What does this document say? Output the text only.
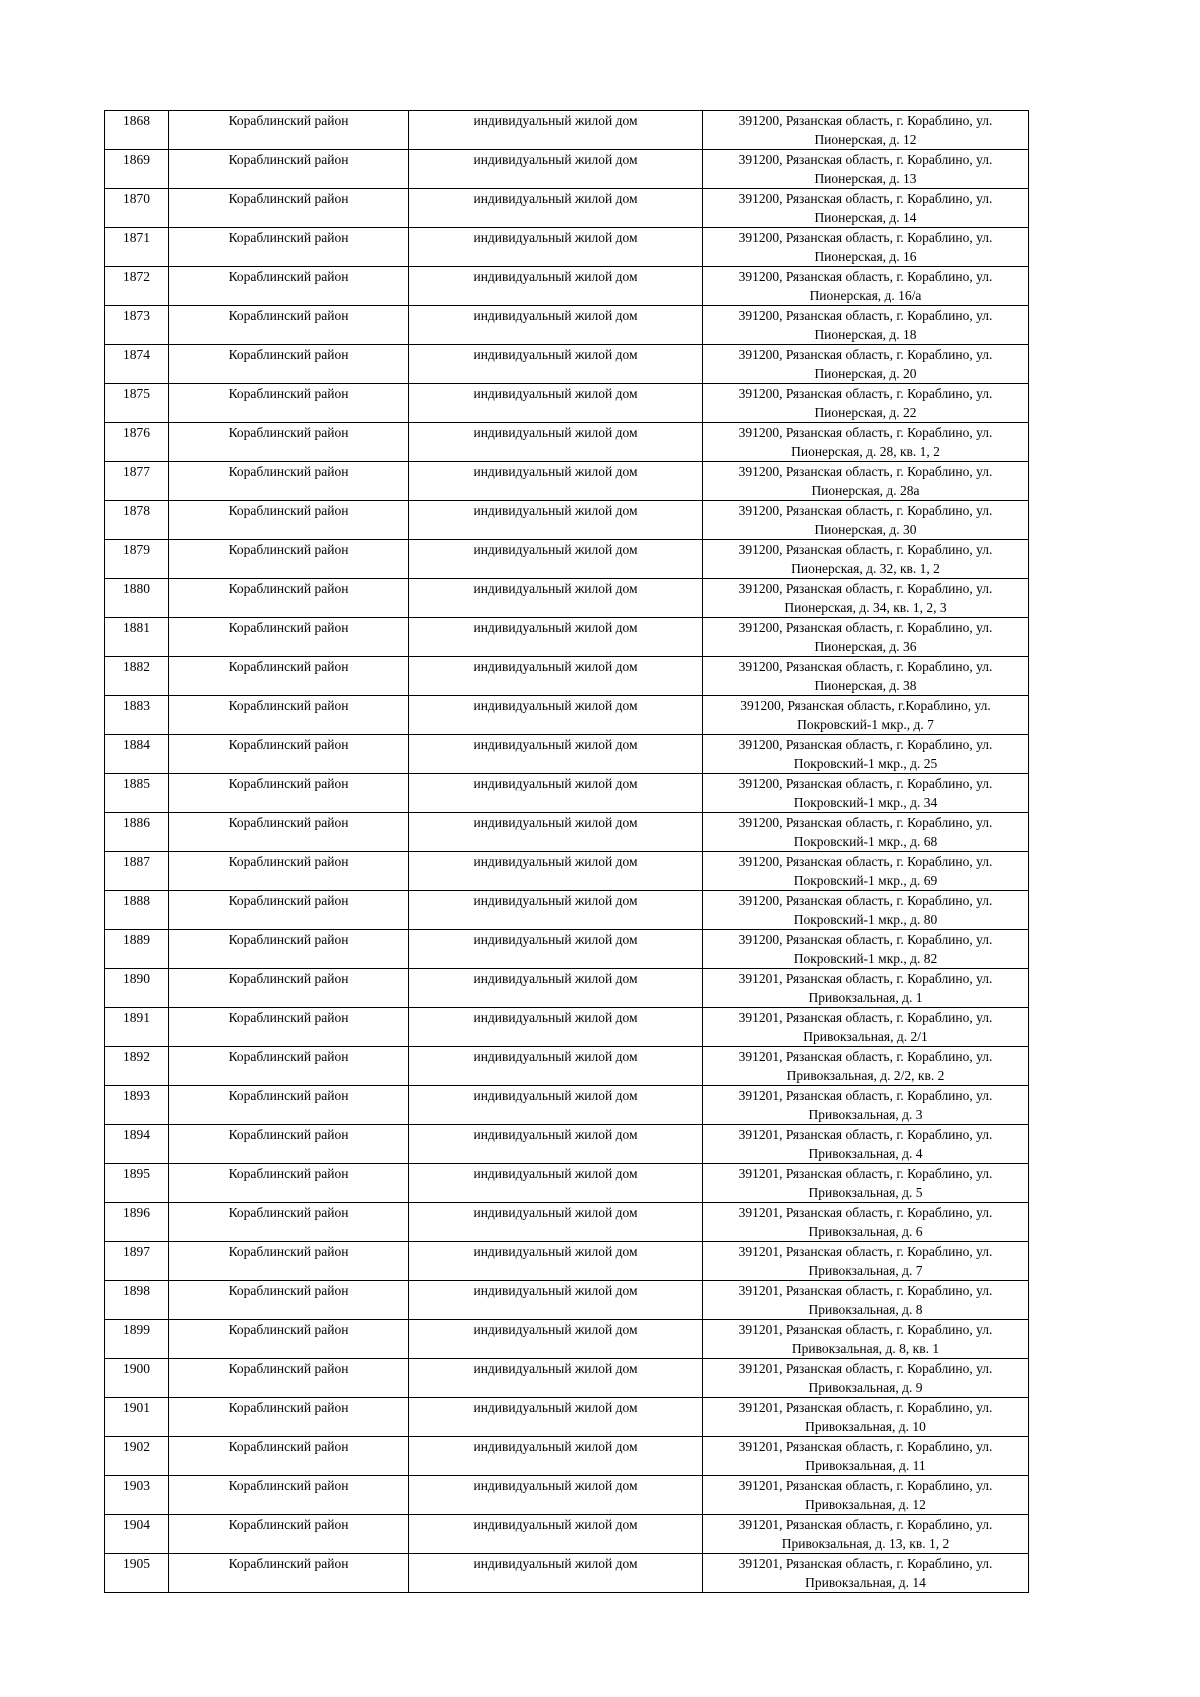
1868	Кораблинский район	индивидуальный жилой дом	391200, Рязанская область, г. Кораблино, ул. Пионерская, д. 12
1869	Кораблинский район	индивидуальный жилой дом	391200, Рязанская область, г. Кораблино, ул. Пионерская, д. 13
1870	Кораблинский район	индивидуальный жилой дом	391200, Рязанская область, г. Кораблино, ул. Пионерская, д. 14
1871	Кораблинский район	индивидуальный жилой дом	391200, Рязанская область, г. Кораблино, ул. Пионерская, д. 16
1872	Кораблинский район	индивидуальный жилой дом	391200, Рязанская область, г. Кораблино, ул. Пионерская, д. 16/а
1873	Кораблинский район	индивидуальный жилой дом	391200, Рязанская область, г. Кораблино, ул. Пионерская, д. 18
1874	Кораблинский район	индивидуальный жилой дом	391200, Рязанская область, г. Кораблино, ул. Пионерская, д. 20
1875	Кораблинский район	индивидуальный жилой дом	391200, Рязанская область, г. Кораблино, ул. Пионерская, д. 22
1876	Кораблинский район	индивидуальный жилой дом	391200, Рязанская область, г. Кораблино, ул. Пионерская, д. 28, кв. 1, 2
1877	Кораблинский район	индивидуальный жилой дом	391200, Рязанская область, г. Кораблино, ул. Пионерская, д. 28а
1878	Кораблинский район	индивидуальный жилой дом	391200, Рязанская область, г. Кораблино, ул. Пионерская, д. 30
1879	Кораблинский район	индивидуальный жилой дом	391200, Рязанская область, г. Кораблино, ул. Пионерская, д. 32, кв. 1, 2
1880	Кораблинский район	индивидуальный жилой дом	391200, Рязанская область, г. Кораблино, ул. Пионерская, д. 34, кв. 1, 2, 3
1881	Кораблинский район	индивидуальный жилой дом	391200, Рязанская область, г. Кораблино, ул. Пионерская, д. 36
1882	Кораблинский район	индивидуальный жилой дом	391200, Рязанская область, г. Кораблино, ул. Пионерская, д. 38
1883	Кораблинский район	индивидуальный жилой дом	391200, Рязанская область, г.Кораблино, ул. Покровский-1 мкр., д. 7
1884	Кораблинский район	индивидуальный жилой дом	391200, Рязанская область, г. Кораблино, ул. Покровский-1 мкр., д. 25
1885	Кораблинский район	индивидуальный жилой дом	391200, Рязанская область, г. Кораблино, ул. Покровский-1 мкр., д. 34
1886	Кораблинский район	индивидуальный жилой дом	391200, Рязанская область, г. Кораблино, ул. Покровский-1 мкр., д. 68
1887	Кораблинский район	индивидуальный жилой дом	391200, Рязанская область, г. Кораблино, ул. Покровский-1 мкр., д. 69
1888	Кораблинский район	индивидуальный жилой дом	391200, Рязанская область, г. Кораблино, ул. Покровский-1 мкр., д. 80
1889	Кораблинский район	индивидуальный жилой дом	391200, Рязанская область, г. Кораблино, ул. Покровский-1 мкр., д. 82
1890	Кораблинский район	индивидуальный жилой дом	391201, Рязанская область, г. Кораблино, ул. Привокзальная, д. 1
1891	Кораблинский район	индивидуальный жилой дом	391201, Рязанская область, г. Кораблино, ул. Привокзальная, д. 2/1
1892	Кораблинский район	индивидуальный жилой дом	391201, Рязанская область, г. Кораблино, ул. Привокзальная, д. 2/2, кв. 2
1893	Кораблинский район	индивидуальный жилой дом	391201, Рязанская область, г. Кораблино, ул. Привокзальная, д. 3
1894	Кораблинский район	индивидуальный жилой дом	391201, Рязанская область, г. Кораблино, ул. Привокзальная, д. 4
1895	Кораблинский район	индивидуальный жилой дом	391201, Рязанская область, г. Кораблино, ул. Привокзальная, д. 5
1896	Кораблинский район	индивидуальный жилой дом	391201, Рязанская область, г. Кораблино, ул. Привокзальная, д. 6
1897	Кораблинский район	индивидуальный жилой дом	391201, Рязанская область, г. Кораблино, ул. Привокзальная, д. 7
1898	Кораблинский район	индивидуальный жилой дом	391201, Рязанская область, г. Кораблино, ул. Привокзальная, д. 8
1899	Кораблинский район	индивидуальный жилой дом	391201, Рязанская область, г. Кораблино, ул. Привокзальная, д. 8, кв. 1
1900	Кораблинский район	индивидуальный жилой дом	391201, Рязанская область, г. Кораблино, ул. Привокзальная, д. 9
1901	Кораблинский район	индивидуальный жилой дом	391201, Рязанская область, г. Кораблино, ул. Привокзальная, д. 10
1902	Кораблинский район	индивидуальный жилой дом	391201, Рязанская область, г. Кораблино, ул. Привокзальная, д. 11
1903	Кораблинский район	индивидуальный жилой дом	391201, Рязанская область, г. Кораблино, ул. Привокзальная, д. 12
1904	Кораблинский район	индивидуальный жилой дом	391201, Рязанская область, г. Кораблино, ул. Привокзальная, д. 13, кв. 1, 2
1905	Кораблинский район	индивидуальный жилой дом	391201, Рязанская область, г. Кораблино, ул. Привокзальная, д. 14
